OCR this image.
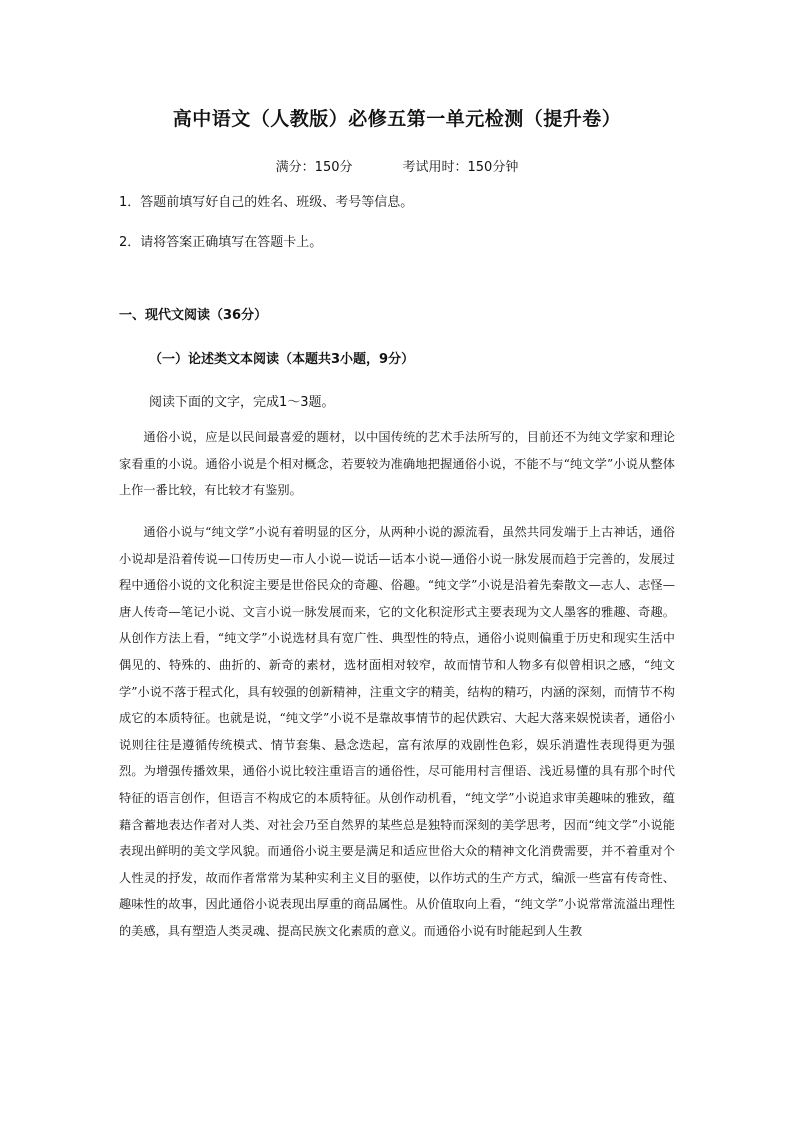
高中语文（人教版）必修五第一单元检测（提升卷）
满分：150分	考试用时：150分钟
1．答题前填写好自己的姓名、班级、考号等信息。
2．请将答案正确填写在答题卡上。
一、现代文阅读（36分）
（一）论述类文本阅读（本题共3小题，9分）
阅读下面的文字，完成1～3题。

通俗小说，应是以民间最喜爱的题材，以中国传统的艺术手法所写的，目前还不为纯文学家和理论家看重的小说。通俗小说是个相对概念，若要较为准确地把握通俗小说，不能不与“纯文学”小说从整体上作一番比较，有比较才有鉴别。

通俗小说与“纯文学”小说有着明显的区分，从两种小说的源流看，虽然共同发端于上古神话，通俗小说却是沿着传说—口传历史—市人小说—说话—话本小说—通俗小说一脉发展而趋于完善的，发展过程中通俗小说的文化积淀主要是世俗民众的奇趣、俗趣。“纯文学”小说是沿着先秦散文—志人、志怪—唐人传奇—笔记小说、文言小说一脉发展而来，它的文化积淀形式主要表现为文人墨客的雅趣、奇趣。从创作方法上看，“纯文学”小说选材具有宽广性、典型性的特点，通俗小说则偏重于历史和现实生活中偶见的、特殊的、曲折的、新奇的素材，选材面相对较窄，故而情节和人物多有似曾相识之感，“纯文学”小说不落于程式化，具有较强的创新精神，注重文字的精美，结构的精巧，内涵的深刻，而情节不构成它的本质特征。也就是说，“纯文学”小说不是靠故事情节的起伏跌宕、大起大落来娱悦读者，通俗小说则往往是遵循传统模式、情节套集、悬念迭起，富有浓厚的戏剧性色彩，娱乐消遣性表现得更为强烈。为增强传播效果，通俗小说比较注重语言的通俗性，尽可能用村言俚语、浅近易懂的具有那个时代特征的语言创作，但语言不构成它的本质特征。从创作动机看，“纯文学”小说追求审美趣味的雅致，蕴藉含蓄地表达作者对人类、对社会乃至自然界的某些总是独特而深刻的美学思考，因而“纯文学”小说能表现出鲜明的美文学风貌。而通俗小说主要是满足和适应世俗大众的精神文化消费需要，并不着重对个人性灵的抒发，故而作者常常为某种实利主义目的驱使，以作坊式的生产方式，编派一些富有传奇性、趣味性的故事，因此通俗小说表现出厚重的商品属性。从价值取向上看，“纯文学”小说常常流溢出理性的美感，具有塑造人类灵魂、提高民族文化素质的意义。而通俗小说有时能起到人生教
